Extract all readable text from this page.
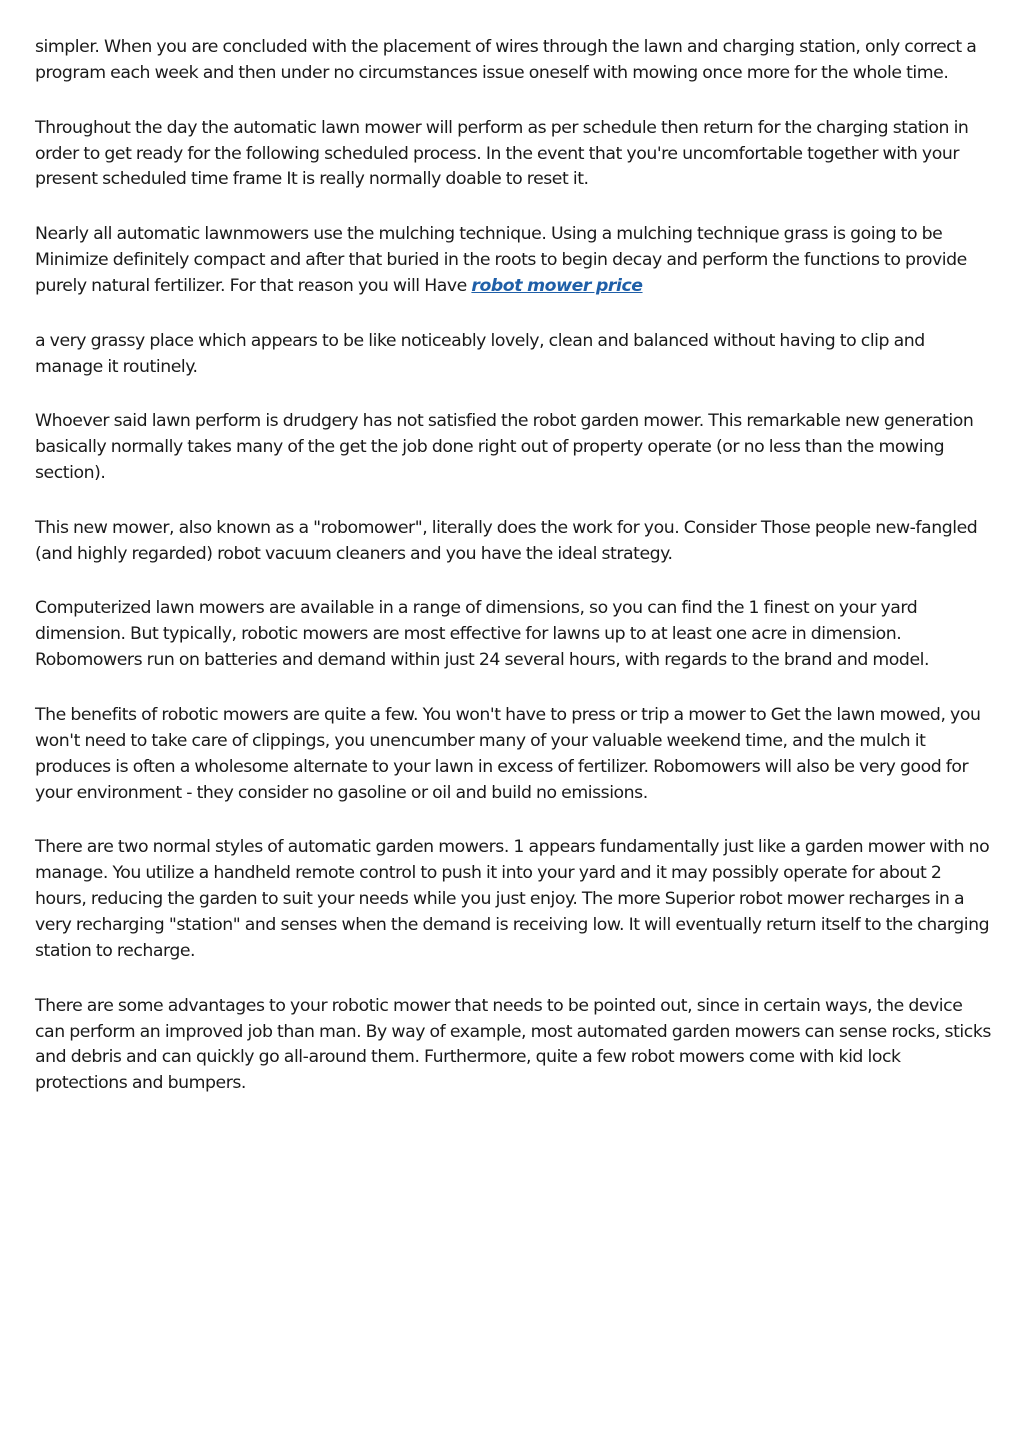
simpler. When you are concluded with the placement of wires through the lawn and charging station, only correct a program each week and then under no circumstances issue oneself with mowing once more for the whole time.

Throughout the day the automatic lawn mower will perform as per schedule then return for the charging station in order to get ready for the following scheduled process. In the event that you're uncomfortable together with your present scheduled time frame It is really normally doable to reset it.

Nearly all automatic lawnmowers use the mulching technique. Using a mulching technique grass is going to be Minimize definitely compact and after that buried in the roots to begin decay and perform the functions to provide purely natural fertilizer. For that reason you will Have robot mower price

a very grassy place which appears to be like noticeably lovely, clean and balanced without having to clip and manage it routinely.

Whoever said lawn perform is drudgery has not satisfied the robot garden mower. This remarkable new generation basically normally takes many of the get the job done right out of property operate (or no less than the mowing section).

This new mower, also known as a "robomower", literally does the work for you. Consider Those people new-fangled (and highly regarded) robot vacuum cleaners and you have the ideal strategy.

Computerized lawn mowers are available in a range of dimensions, so you can find the 1 finest on your yard dimension. But typically, robotic mowers are most effective for lawns up to at least one acre in dimension. Robomowers run on batteries and demand within just 24 several hours, with regards to the brand and model.

The benefits of robotic mowers are quite a few. You won't have to press or trip a mower to Get the lawn mowed, you won't need to take care of clippings, you unencumber many of your valuable weekend time, and the mulch it produces is often a wholesome alternate to your lawn in excess of fertilizer. Robomowers will also be very good for your environment - they consider no gasoline or oil and build no emissions.

There are two normal styles of automatic garden mowers. 1 appears fundamentally just like a garden mower with no manage. You utilize a handheld remote control to push it into your yard and it may possibly operate for about 2 hours, reducing the garden to suit your needs while you just enjoy. The more Superior robot mower recharges in a very recharging "station" and senses when the demand is receiving low. It will eventually return itself to the charging station to recharge.

There are some advantages to your robotic mower that needs to be pointed out, since in certain ways, the device can perform an improved job than man. By way of example, most automated garden mowers can sense rocks, sticks and debris and can quickly go all-around them. Furthermore, quite a few robot mowers come with kid lock protections and bumpers.
